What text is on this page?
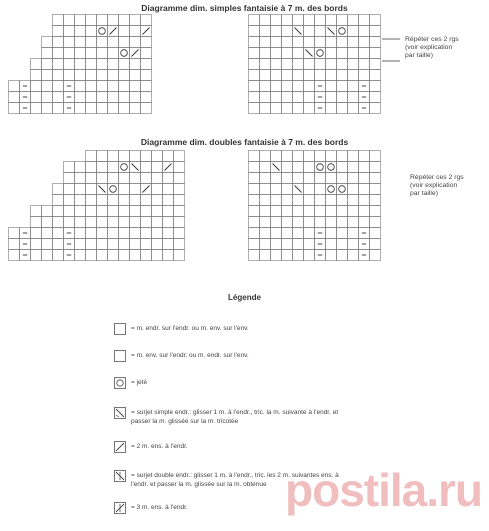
Diagramme dim. simples fantaisie à 7 m. des bords
Répéter ces 2 rgs
(voir explication
par taille)
Diagramme dim. doubles fantaisie à 7 m. des bords
Répéter ces 2 rgs
(voir explication
par taille)
Légende
= m. endr. sur l'endr. ou m. env. sur l'env.
= m. env. sur l'endr. ou m. endr. sur l'env.
= jeté
= surjet simple endr.: glisser 1 m. à l'endr., tric. la m. suivante à l'endr. et
passer la m. glissée sur la m. tricotée
= 2 m. ens. à l'endr.
= surjet double endr.: glisser 1 m. à l'endr., tric. les 2 m. suivantes ens. à
l'endr. et passer la m. glissée sur la m. obtenue
= 3 m. ens. à l'endr.	postila.ru
